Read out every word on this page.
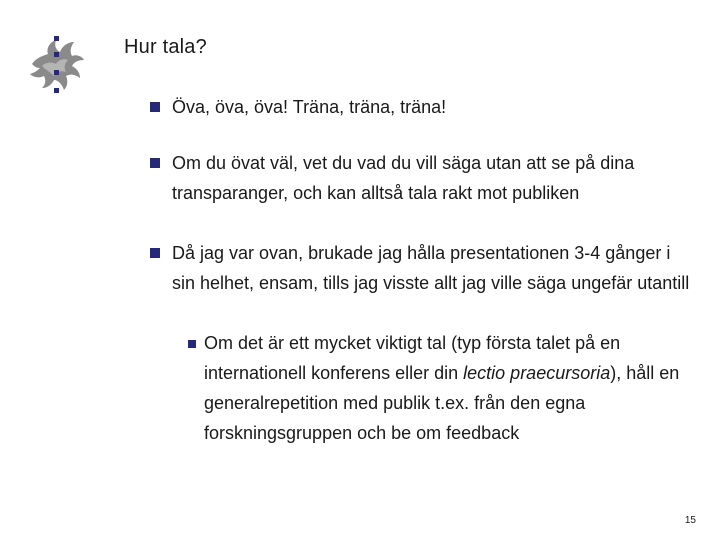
Hur tala?
Öva, öva, öva! Träna, träna, träna!
Om du övat väl, vet du vad du vill säga utan att se på dina transparanger, och kan alltså tala rakt mot publiken
Då jag var ovan, brukade jag hålla presentationen 3-4 gånger i sin helhet, ensam, tills jag visste allt jag ville säga ungefär utantill
Om det är ett mycket viktigt tal (typ första talet på en internationell konferens eller din lectio praecursoria), håll en generalrepetition med publik t.ex. från den egna forskningsgruppen och be om feedback
15
